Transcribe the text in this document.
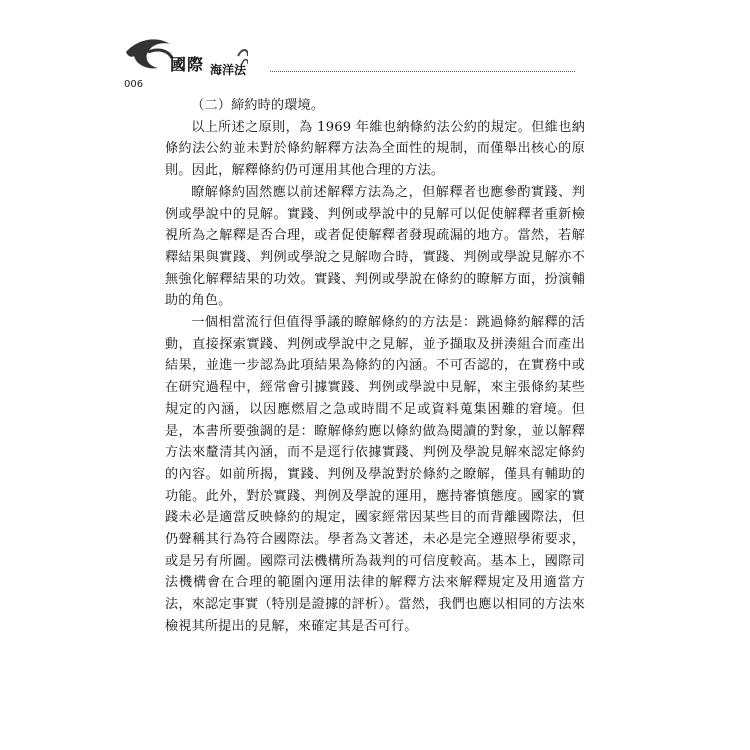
國際 海洋法
006

（二）締約時的環境。

以上所述之原則，為 1969 年維也納條約法公約的規定。但維也納條約法公約並未對於條約解釋方法為全面性的規制，而僅舉出核心的原則。因此，解釋條約仍可運用其他合理的方法。

瞭解條約固然應以前述解釋方法為之，但解釋者也應參酌實踐、判例或學說中的見解。實踐、判例或學說中的見解可以促使解釋者重新檢視所為之解釋是否合理，或者促使解釋者發現疏漏的地方。當然，若解釋結果與實踐、判例或學說之見解吻合時，實踐、判例或學說見解亦不無強化解釋結果的功效。實踐、判例或學說在條約的瞭解方面，扮演輔助的角色。

一個相當流行但值得爭議的瞭解條約的方法是：跳過條約解釋的活動，直接探索實踐、判例或學說中之見解，並予擷取及拼湊組合而產出結果，並進一步認為此項結果為條約的內涵。不可否認的，在實務中或在研究過程中，經常會引據實踐、判例或學說中見解，來主張條約某些規定的內涵，以因應燃眉之急或時間不足或資料蒐集困難的窘境。但是，本書所要強調的是：瞭解條約應以條約做為閱讀的對象，並以解釋方法來釐清其內涵，而不是逕行依據實踐、判例及學說見解來認定條約的內容。如前所揭，實踐、判例及學說對於條約之瞭解，僅具有輔助的功能。此外，對於實踐、判例及學說的運用，應持審慎態度。國家的實踐未必是適當反映條約的規定，國家經常因某些目的而背離國際法，但仍聲稱其行為符合國際法。學者為文著述，未必是完全遵照學術要求，或是另有所圖。國際司法機構所為裁判的可信度較高。基本上，國際司法機構會在合理的範圍內運用法律的解釋方法來解釋規定及用適當方法，來認定事實（特別是證據的評析）。當然，我們也應以相同的方法來檢視其所提出的見解，來確定其是否可行。
